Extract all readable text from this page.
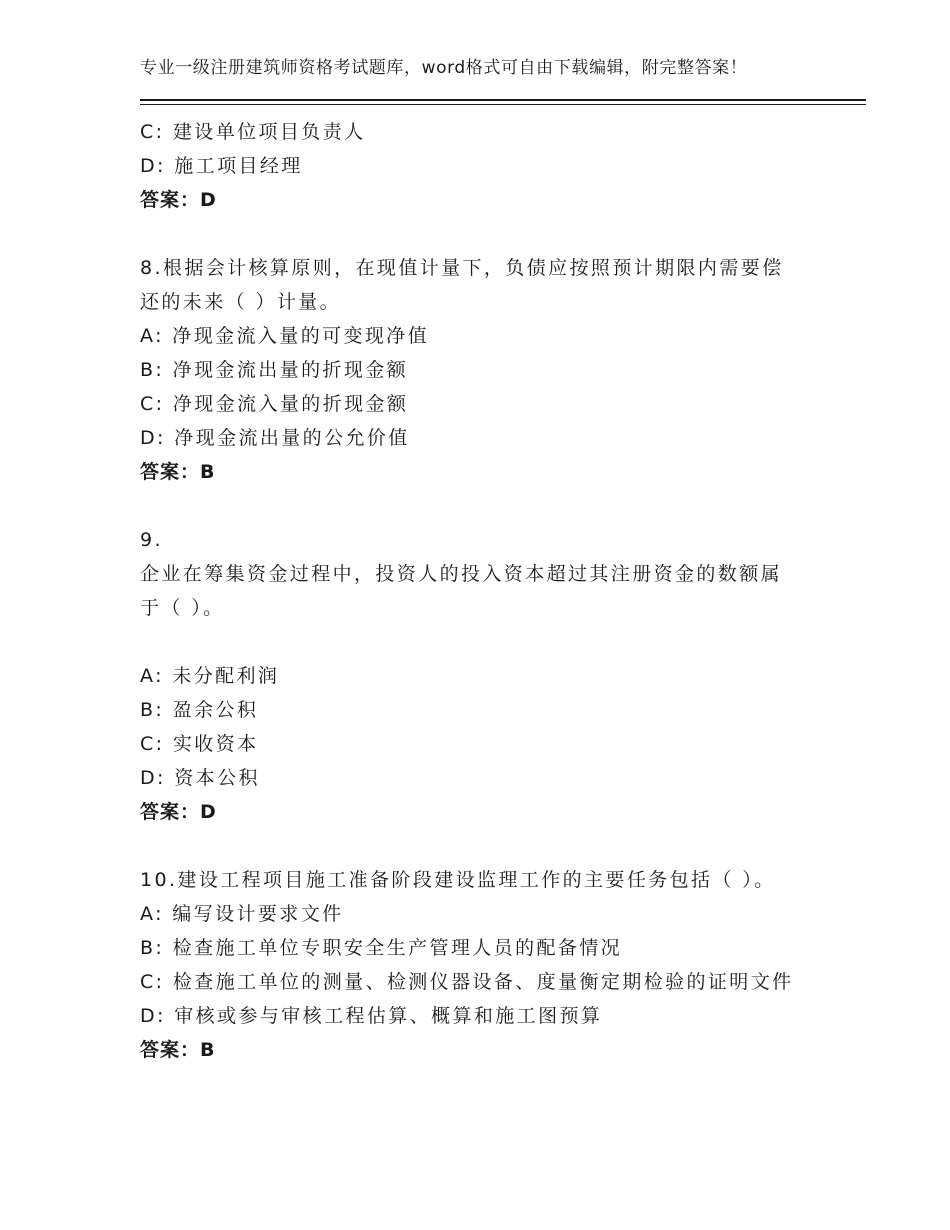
专业一级注册建筑师资格考试题库，word格式可自由下载编辑，附完整答案！
C: 建设单位项目负责人
D: 施工项目经理
答案：D
8.根据会计核算原则，在现值计量下，负债应按照预计期限内需要偿
还的未来（ ）计量。
A: 净现金流入量的可变现净值
B: 净现金流出量的折现金额
C: 净现金流入量的折现金额
D: 净现金流出量的公允价值
答案：B
9.
企业在筹集资金过程中，投资人的投入资本超过其注册资金的数额属
于（ ）。
A: 未分配利润
B: 盈余公积
C: 实收资本
D: 资本公积
答案：D
10.建设工程项目施工准备阶段建设监理工作的主要任务包括（ ）。
A: 编写设计要求文件
B: 检查施工单位专职安全生产管理人员的配备情况
C: 检查施工单位的测量、检测仪器设备、度量衡定期检验的证明文件
D: 审核或参与审核工程估算、概算和施工图预算
答案：B
